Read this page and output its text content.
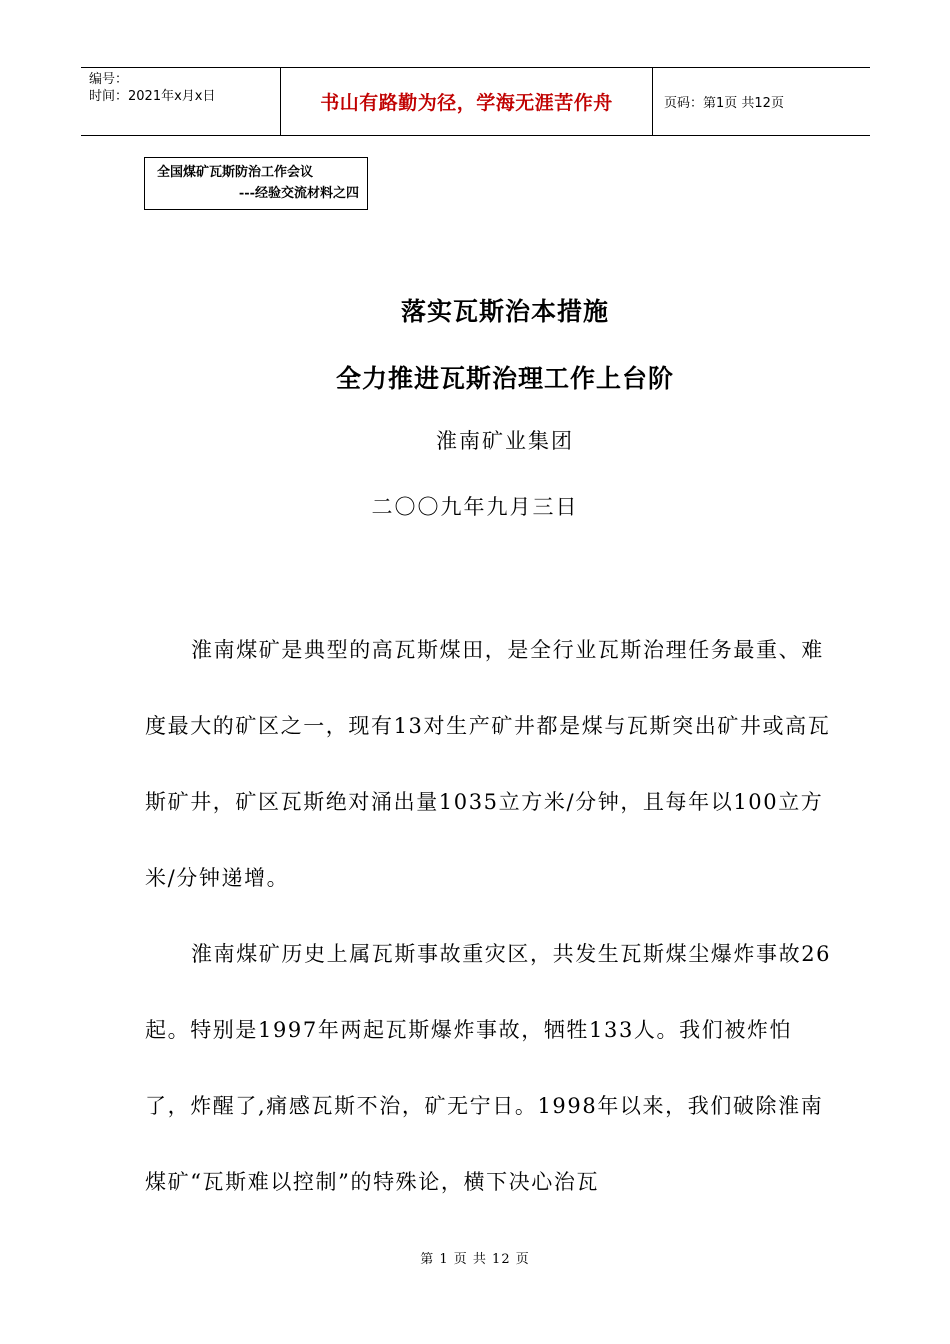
编号：
时间：2021年x月x日	书山有路勤为径，学海无涯苦作舟	页码：第1页 共12页
全国煤矿瓦斯防治工作会议
---经验交流材料之四
落实瓦斯治本措施
全力推进瓦斯治理工作上台阶
淮南矿业集团
二〇〇九年九月三日

淮南煤矿是典型的高瓦斯煤田，是全行业瓦斯治理任务最重、难度最大的矿区之一，现有13对生产矿井都是煤与瓦斯突出矿井或高瓦斯矿井，矿区瓦斯绝对涌出量1035立方米/分钟，且每年以100立方米/分钟递增。

淮南煤矿历史上属瓦斯事故重灾区，共发生瓦斯煤尘爆炸事故26起。特别是1997年两起瓦斯爆炸事故，牺牲133人。我们被炸怕了，炸醒了,痛感瓦斯不治，矿无宁日。1998年以来，我们破除淮南煤矿“瓦斯难以控制”的特殊论，横下决心治瓦

第 1 页 共 12 页
